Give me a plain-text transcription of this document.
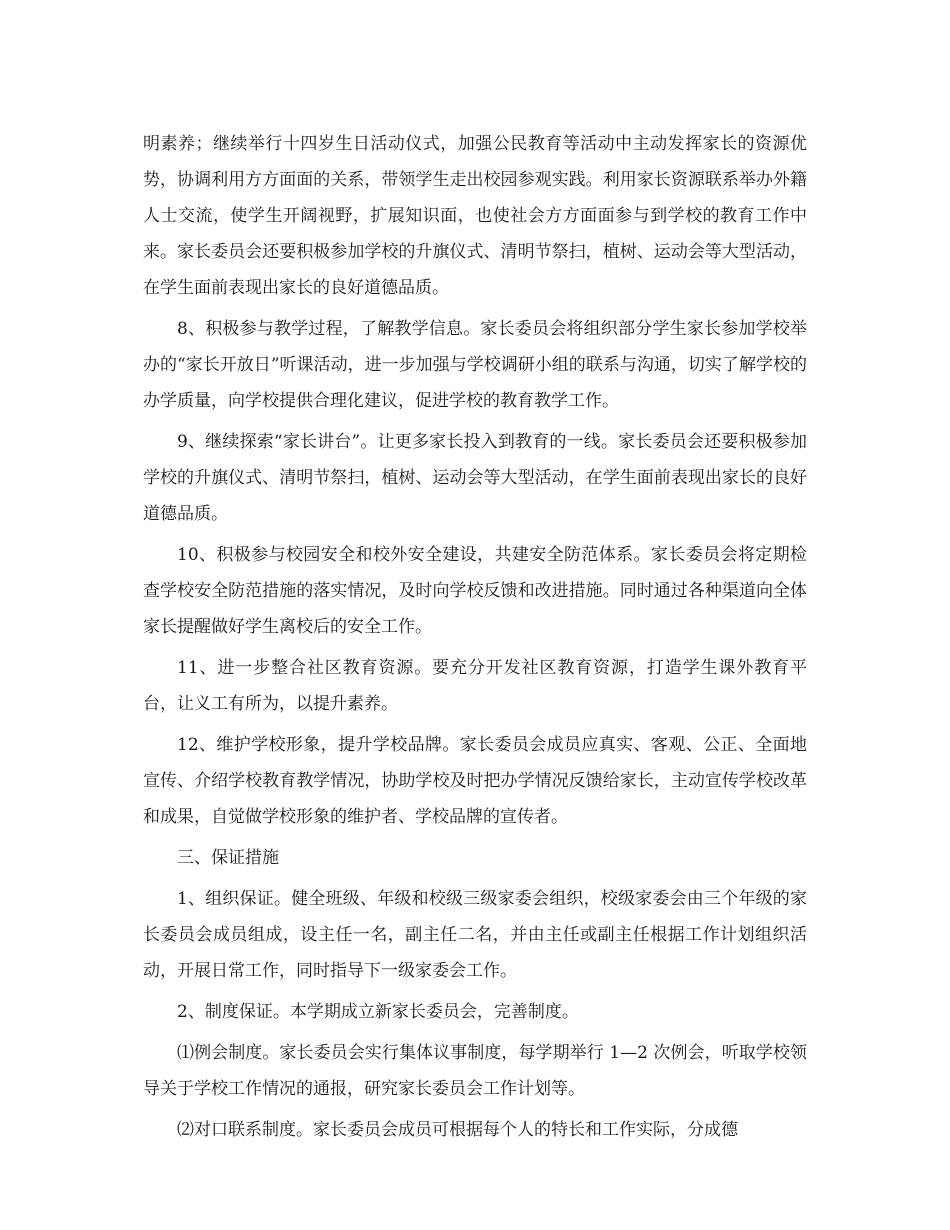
明素养；继续举行十四岁生日活动仪式，加强公民教育等活动中主动发挥家长的资源优势，协调利用方方面面的关系，带领学生走出校园参观实践。利用家长资源联系举办外籍人士交流，使学生开阔视野，扩展知识面，也使社会方方面面参与到学校的教育工作中来。家长委员会还要积极参加学校的升旗仪式、清明节祭扫，植树、运动会等大型活动，在学生面前表现出家长的良好道德品质。

8、积极参与教学过程，了解教学信息。家长委员会将组织部分学生家长参加学校举办的“家长开放日”听课活动，进一步加强与学校调研小组的联系与沟通，切实了解学校的办学质量，向学校提供合理化建议，促进学校的教育教学工作。

9、继续探索“家长讲台”。让更多家长投入到教育的一线。家长委员会还要积极参加学校的升旗仪式、清明节祭扫，植树、运动会等大型活动，在学生面前表现出家长的良好道德品质。

10、积极参与校园安全和校外安全建设，共建安全防范体系。家长委员会将定期检查学校安全防范措施的落实情况，及时向学校反馈和改进措施。同时通过各种渠道向全体家长提醒做好学生离校后的安全工作。

11、进一步整合社区教育资源。要充分开发社区教育资源，打造学生课外教育平台，让义工有所为，以提升素养。

12、维护学校形象，提升学校品牌。家长委员会成员应真实、客观、公正、全面地宣传、介绍学校教育教学情况，协助学校及时把办学情况反馈给家长，主动宣传学校改革和成果，自觉做学校形象的维护者、学校品牌的宣传者。

三、保证措施

1、组织保证。健全班级、年级和校级三级家委会组织，校级家委会由三个年级的家长委员会成员组成，设主任一名，副主任二名，并由主任或副主任根据工作计划组织活动，开展日常工作，同时指导下一级家委会工作。

2、制度保证。本学期成立新家长委员会，完善制度。

⑴例会制度。家长委员会实行集体议事制度，每学期举行 1—2 次例会，听取学校领导关于学校工作情况的通报，研究家长委员会工作计划等。

⑵对口联系制度。家长委员会成员可根据每个人的特长和工作实际，分成德
